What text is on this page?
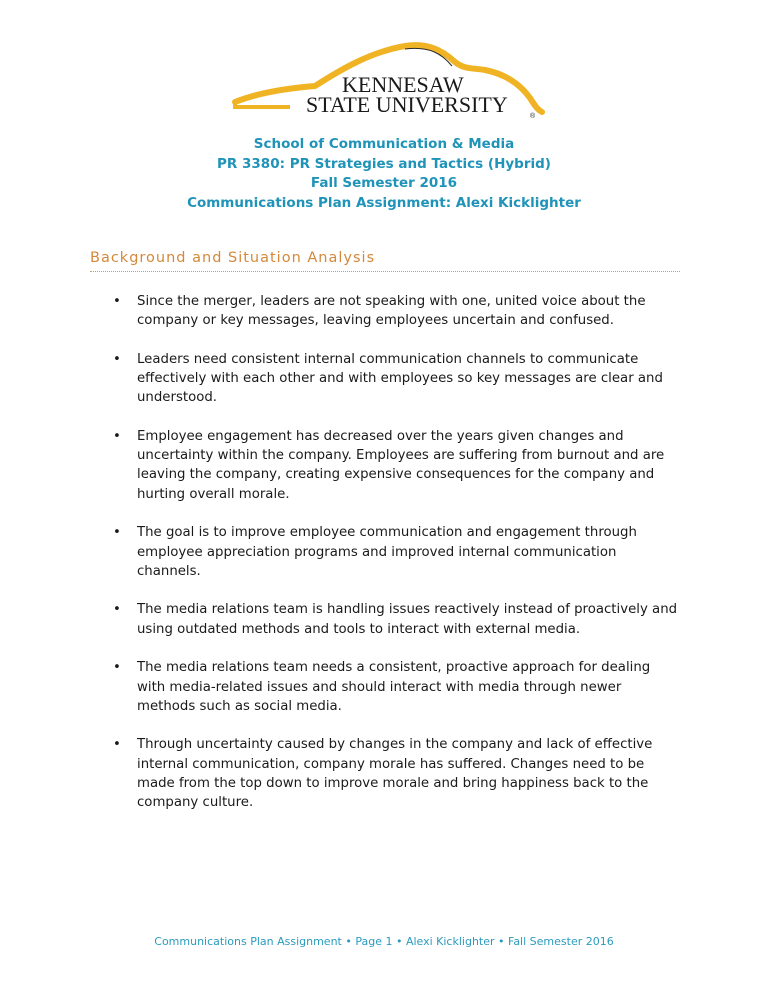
KENNESAW
STATE UNIVERSITY	®
School of Communication & Media
PR 3380: PR Strategies and Tactics (Hybrid)
Fall Semester 2016
Communications Plan Assignment: Alexi Kicklighter
Background and Situation Analysis
• Since the merger, leaders are not speaking with one, united voice about the company or key messages, leaving employees uncertain and confused.
• Leaders need consistent internal communication channels to communicate effectively with each other and with employees so key messages are clear and understood.
• Employee engagement has decreased over the years given changes and uncertainty within the company. Employees are suffering from burnout and are leaving the company, creating expensive consequences for the company and hurting overall morale.
• The goal is to improve employee communication and engagement through employee appreciation programs and improved internal communication channels.
• The media relations team is handling issues reactively instead of proactively and using outdated methods and tools to interact with external media.
• The media relations team needs a consistent, proactive approach for dealing with media-related issues and should interact with media through newer methods such as social media.
• Through uncertainty caused by changes in the company and lack of effective internal communication, company morale has suffered. Changes need to be made from the top down to improve morale and bring happiness back to the company culture.
Communications Plan Assignment • Page 1 • Alexi Kicklighter • Fall Semester 2016
